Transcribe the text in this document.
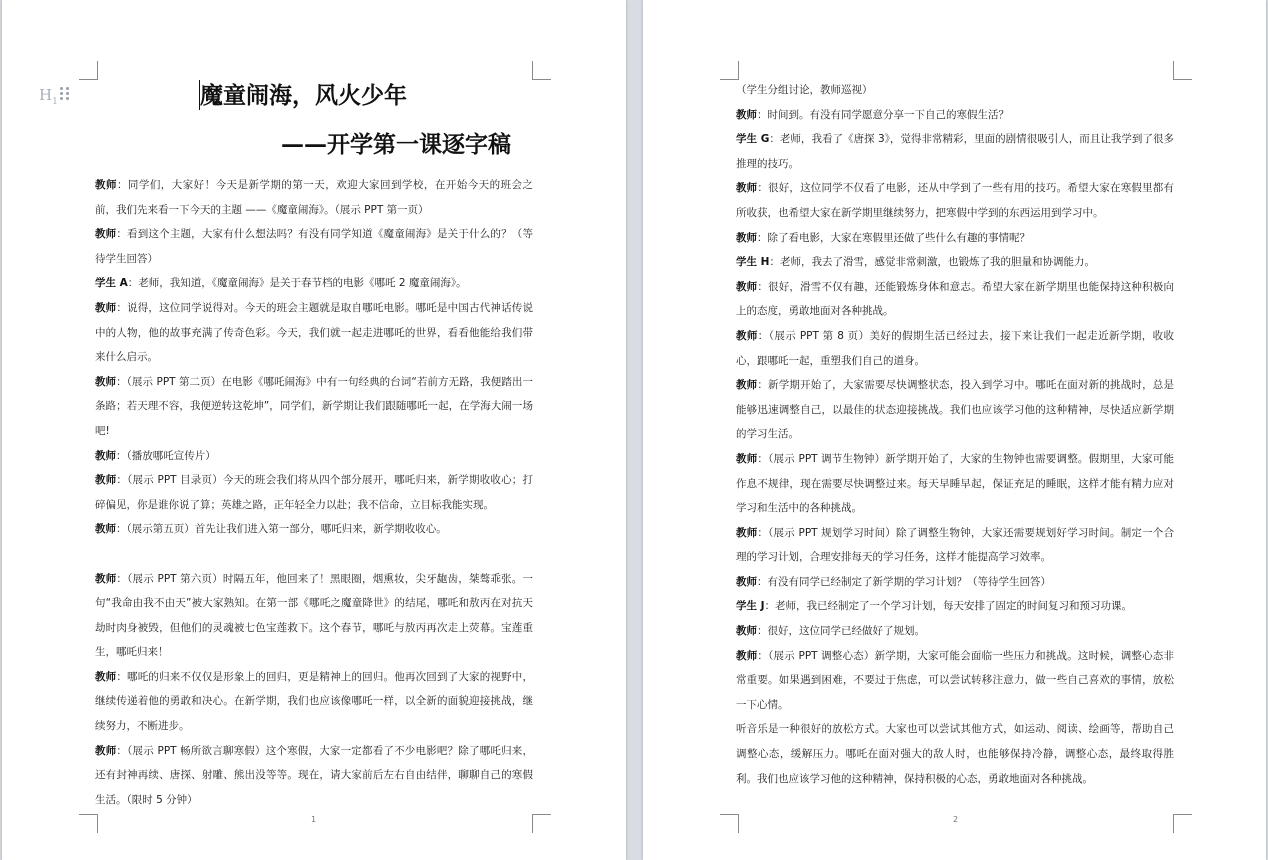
$H_1$	魔童闹海，风火少年
——开学第一课逐字稿

教师：同学们，大家好！今天是新学期的第一天，欢迎大家回到学校，在开始今天的班会之前，我们先来看一下今天的主题 ——《魔童闹海》。（展示 PPT 第一页）

教师：看到这个主题，大家有什么想法吗？有没有同学知道《魔童闹海》是关于什么的？（等待学生回答）

学生 A：老师，我知道，《魔童闹海》是关于春节档的电影《哪吒 2 魔童闹海》。

教师：说得，这位同学说得对。今天的班会主题就是取自哪吒电影。哪吒是中国古代神话传说中的人物，他的故事充满了传奇色彩。今天，我们就一起走进哪吒的世界，看看他能给我们带来什么启示。

教师：（展示 PPT 第二页）在电影《哪吒闹海》中有一句经典的台词“若前方无路，我便踏出一条路；若天理不容，我便逆转这乾坤”，同学们，新学期让我们跟随哪吒一起，在学海大闹一场吧!

教师：（播放哪吒宣传片）

教师：（展示 PPT 目录页）今天的班会我们将从四个部分展开，哪吒归来，新学期收收心；打碎偏见，你是谁你说了算；英雄之路，正年轻全力以赴；我不信命，立目标我能实现。

教师：（展示第五页）首先让我们进入第一部分，哪吒归来，新学期收收心。

教师：（展示 PPT 第六页）时隔五年，他回来了！黑眼圈，烟熏妆，尖牙龅齿，桀骜乖张。一句“我命由我不由天”被大家熟知。在第一部《哪吒之魔童降世》的结尾，哪吒和敖丙在对抗天劫时肉身被毁，但他们的灵魂被七色宝莲救下。这个春节，哪吒与敖丙再次走上荧幕。宝莲重生，哪吒归来！

教师：哪吒的归来不仅仅是形象上的回归，更是精神上的回归。他再次回到了大家的视野中，继续传递着他的勇敢和决心。在新学期，我们也应该像哪吒一样，以全新的面貌迎接挑战，继续努力，不断进步。

教师：（展示 PPT 畅所欲言聊寒假）这个寒假，大家一定都看了不少电影吧？除了哪吒归来，还有封神再续、唐探、射雕、熊出没等等。现在，请大家前后左右自由结伴，聊聊自己的寒假生活。（限时 5 分钟）

1

（学生分组讨论，教师巡视）

教师：时间到。有没有同学愿意分享一下自己的寒假生活？

学生 G：老师，我看了《唐探 3》，觉得非常精彩，里面的剧情很吸引人，而且让我学到了很多推理的技巧。

教师：很好，这位同学不仅看了电影，还从中学到了一些有用的技巧。希望大家在寒假里都有所收获，也希望大家在新学期里继续努力，把寒假中学到的东西运用到学习中。

教师：除了看电影，大家在寒假里还做了些什么有趣的事情呢？

学生 H：老师，我去了滑雪，感觉非常刺激，也锻炼了我的胆量和协调能力。

教师：很好，滑雪不仅有趣，还能锻炼身体和意志。希望大家在新学期里也能保持这种积极向上的态度，勇敢地面对各种挑战。

教师：（展示 PPT 第 8 页）美好的假期生活已经过去，接下来让我们一起走近新学期，收收心，跟哪吒一起，重塑我们自己的道身。

教师：新学期开始了，大家需要尽快调整状态，投入到学习中。哪吒在面对新的挑战时，总是能够迅速调整自己，以最佳的状态迎接挑战。我们也应该学习他的这种精神，尽快适应新学期的学习生活。

教师：（展示 PPT 调节生物钟）新学期开始了，大家的生物钟也需要调整。假期里，大家可能作息不规律，现在需要尽快调整过来。每天早睡早起，保证充足的睡眠，这样才能有精力应对学习和生活中的各种挑战。

教师：（展示 PPT 规划学习时间）除了调整生物钟，大家还需要规划好学习时间。制定一个合理的学习计划，合理安排每天的学习任务，这样才能提高学习效率。

教师：有没有同学已经制定了新学期的学习计划？（等待学生回答）

学生 J：老师，我已经制定了一个学习计划，每天安排了固定的时间复习和预习功课。

教师：很好，这位同学已经做好了规划。

教师：（展示 PPT 调整心态）新学期，大家可能会面临一些压力和挑战。这时候，调整心态非常重要。如果遇到困难，不要过于焦虑，可以尝试转移注意力，做一些自己喜欢的事情，放松一下心情。

听音乐是一种很好的放松方式。大家也可以尝试其他方式，如运动、阅读、绘画等，帮助自己调整心态，缓解压力。哪吒在面对强大的敌人时，也能够保持冷静，调整心态，最终取得胜利。我们也应该学习他的这种精神，保持积极的心态，勇敢地面对各种挑战。

2
